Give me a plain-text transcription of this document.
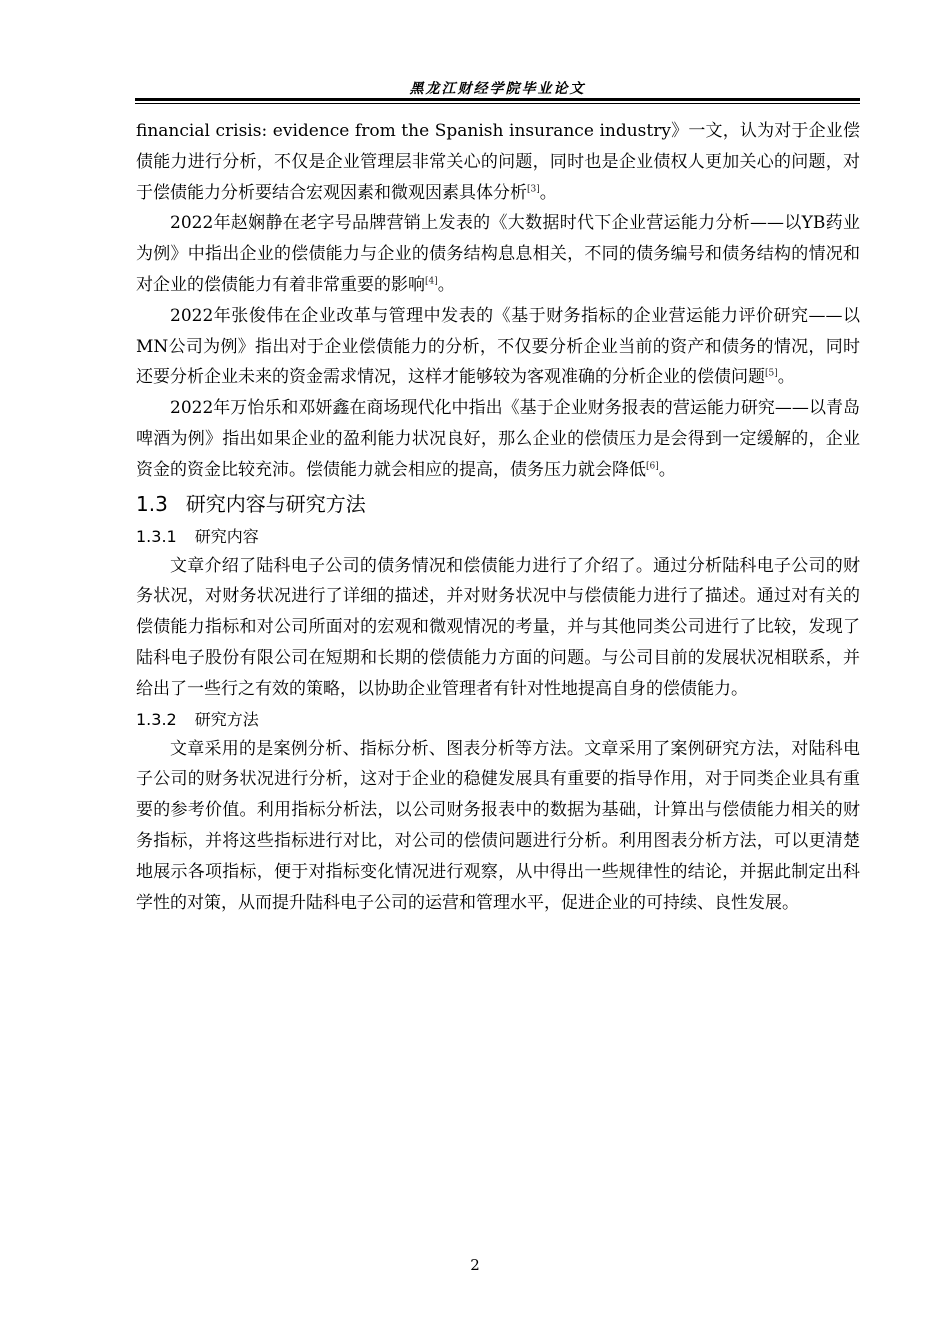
黑龙江财经学院毕业论文

financial crisis: evidence from the Spanish insurance industry》一文，认为对于企业偿债能力进行分析，不仅是企业管理层非常关心的问题，同时也是企业债权人更加关心的问题，对于偿债能力分析要结合宏观因素和微观因素具体分析[3]。

2022年赵娴静在老字号品牌营销上发表的《大数据时代下企业营运能力分析——以YB药业为例》中指出企业的偿债能力与企业的债务结构息息相关，不同的债务编号和债务结构的情况和对企业的偿债能力有着非常重要的影响[4]。

2022年张俊伟在企业改革与管理中发表的《基于财务指标的企业营运能力评价研究——以MN公司为例》指出对于企业偿债能力的分析，不仅要分析企业当前的资产和债务的情况，同时还要分析企业未来的资金需求情况，这样才能够较为客观准确的分析企业的偿债问题[5]。

2022年万怡乐和邓妍鑫在商场现代化中指出《基于企业财务报表的营运能力研究——以青岛啤酒为例》指出如果企业的盈利能力状况良好，那么企业的偿债压力是会得到一定缓解的，企业资金的资金比较充沛。偿债能力就会相应的提高，债务压力就会降低[6]。

1.3 研究内容与研究方法
1.3.1 研究内容

文章介绍了陆科电子公司的债务情况和偿债能力进行了介绍了。通过分析陆科电子公司的财务状况，对财务状况进行了详细的描述，并对财务状况中与偿债能力进行了描述。通过对有关的偿债能力指标和对公司所面对的宏观和微观情况的考量，并与其他同类公司进行了比较，发现了陆科电子股份有限公司在短期和长期的偿债能力方面的问题。与公司目前的发展状况相联系，并给出了一些行之有效的策略，以协助企业管理者有针对性地提高自身的偿债能力。

1.3.2 研究方法

文章采用的是案例分析、指标分析、图表分析等方法。文章采用了案例研究方法，对陆科电子公司的财务状况进行分析，这对于企业的稳健发展具有重要的指导作用，对于同类企业具有重要的参考价值。利用指标分析法，以公司财务报表中的数据为基础，计算出与偿债能力相关的财务指标，并将这些指标进行对比，对公司的偿债问题进行分析。利用图表分析方法，可以更清楚地展示各项指标，便于对指标变化情况进行观察，从中得出一些规律性的结论，并据此制定出科学性的对策，从而提升陆科电子公司的运营和管理水平，促进企业的可持续、良性发展。

2
